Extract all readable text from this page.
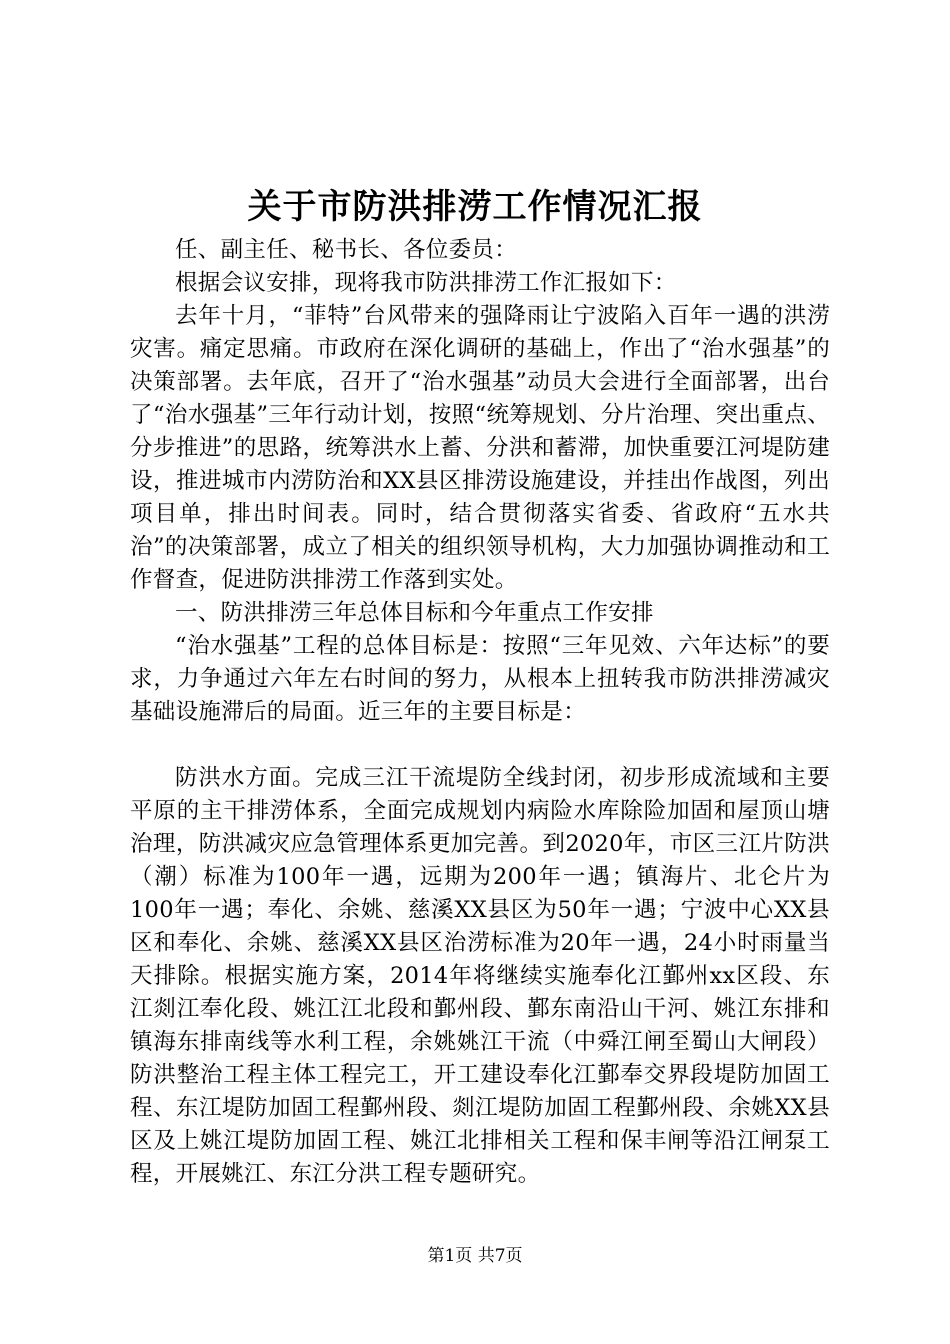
关于市防洪排涝工作情况汇报

任、副主任、秘书长、各位委员：

根据会议安排，现将我市防洪排涝工作汇报如下：

去年十月，“菲特”台风带来的强降雨让宁波陷入百年一遇的洪涝灾害。痛定思痛。市政府在深化调研的基础上，作出了“治水强基”的决策部署。去年底，召开了“治水强基”动员大会进行全面部署，出台了“治水强基”三年行动计划，按照“统筹规划、分片治理、突出重点、分步推进”的思路，统筹洪水上蓄、分洪和蓄滞，加快重要江河堤防建设，推进城市内涝防治和XX县区排涝设施建设，并挂出作战图，列出项目单，排出时间表。同时，结合贯彻落实省委、省政府“五水共治”的决策部署，成立了相关的组织领导机构，大力加强协调推动和工作督查，促进防洪排涝工作落到实处。

一、防洪排涝三年总体目标和今年重点工作安排

“治水强基”工程的总体目标是：按照“三年见效、六年达标”的要求，力争通过六年左右时间的努力，从根本上扭转我市防洪排涝减灾基础设施滞后的局面。近三年的主要目标是：

防洪水方面。完成三江干流堤防全线封闭，初步形成流域和主要平原的主干排涝体系，全面完成规划内病险水库除险加固和屋顶山塘治理，防洪减灾应急管理体系更加完善。到2020年，市区三江片防洪（潮）标准为100年一遇，远期为200年一遇；镇海片、北仑片为100年一遇；奉化、余姚、慈溪XX县区为50年一遇；宁波中心XX县区和奉化、余姚、慈溪XX县区治涝标准为20年一遇，24小时雨量当天排除。根据实施方案，2014年将继续实施奉化江鄞州xx区段、东江剡江奉化段、姚江江北段和鄞州段、鄞东南沿山干河、姚江东排和镇海东排南线等水利工程，余姚姚江干流（中舜江闸至蜀山大闸段）防洪整治工程主体工程完工，开工建设奉化江鄞奉交界段堤防加固工程、东江堤防加固工程鄞州段、剡江堤防加固工程鄞州段、余姚XX县区及上姚江堤防加固工程、姚江北排相关工程和保丰闸等沿江闸泵工程，开展姚江、东江分洪工程专题研究。

第1页 共7页
